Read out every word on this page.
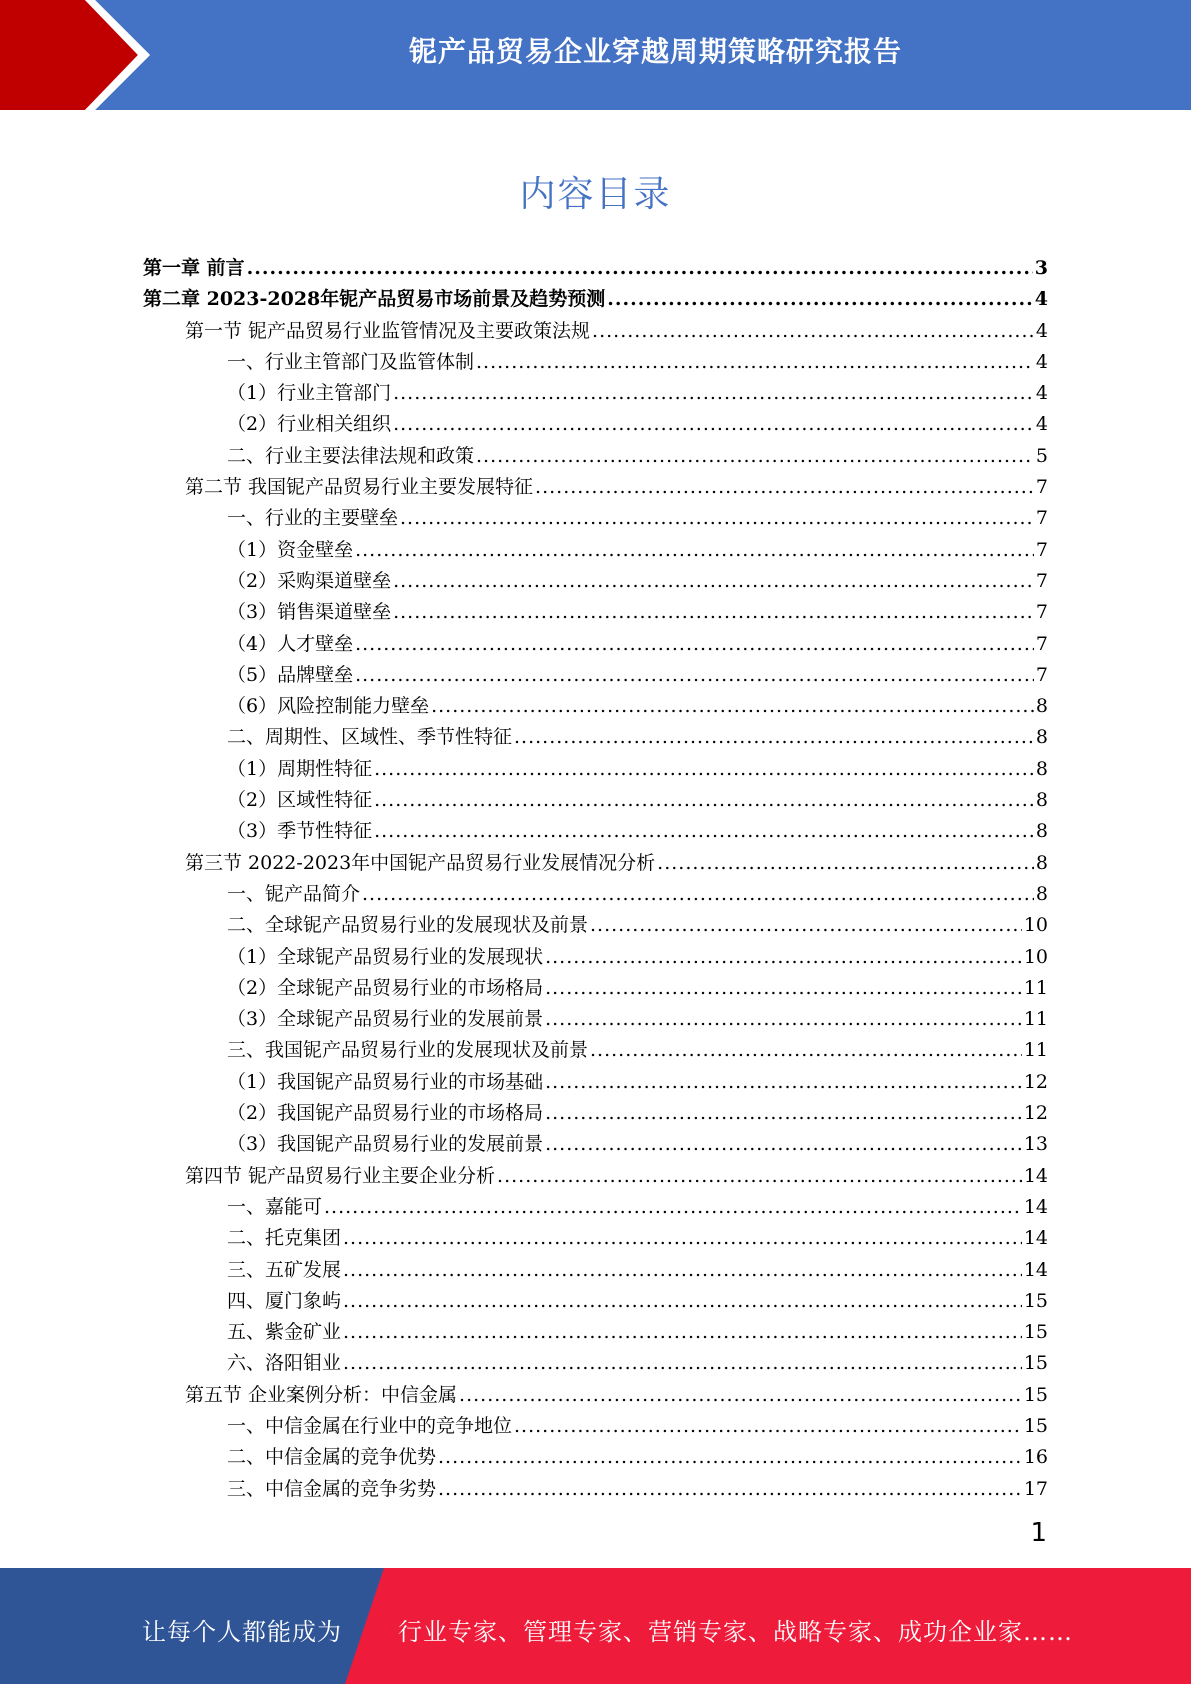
铌产品贸易企业穿越周期策略研究报告
内容目录
第一章 前言 .....	3
第二章 2023-2028年铌产品贸易市场前景及趋势预测 .....	4
第一节 铌产品贸易行业监管情况及主要政策法规 .....	4
一、行业主管部门及监管体制 .....	4
（1）行业主管部门 .....	4
（2）行业相关组织 .....	4
二、行业主要法律法规和政策 .....	5
第二节 我国铌产品贸易行业主要发展特征 .....	7
一、行业的主要壁垒 .....	7
（1）资金壁垒 .....	7
（2）采购渠道壁垒 .....	7
（3）销售渠道壁垒 .....	7
（4）人才壁垒 .....	7
（5）品牌壁垒 .....	7
（6）风险控制能力壁垒 .....	8
二、周期性、区域性、季节性特征 .....	8
（1）周期性特征 .....	8
（2）区域性特征 .....	8
（3）季节性特征 .....	8
第三节 2022-2023年中国铌产品贸易行业发展情况分析 .....	8
一、铌产品简介 .....	8
二、全球铌产品贸易行业的发展现状及前景 .....	10
（1）全球铌产品贸易行业的发展现状 .....	10
（2）全球铌产品贸易行业的市场格局 .....	11
（3）全球铌产品贸易行业的发展前景 .....	11
三、我国铌产品贸易行业的发展现状及前景 .....	11
（1）我国铌产品贸易行业的市场基础 .....	12
（2）我国铌产品贸易行业的市场格局 .....	12
（3）我国铌产品贸易行业的发展前景 .....	13
第四节 铌产品贸易行业主要企业分析 .....	14
一、嘉能可 .....	14
二、托克集团 .....	14
三、五矿发展 .....	14
四、厦门象屿 .....	15
五、紫金矿业 .....	15
六、洛阳钼业 .....	15
第五节 企业案例分析：中信金属 .....	15
一、中信金属在行业中的竞争地位 .....	15
二、中信金属的竞争优势 .....	16
三、中信金属的竞争劣势 .....	17
1
让每个人都能成为 行业专家、管理专家、营销专家、战略专家、成功企业家……
